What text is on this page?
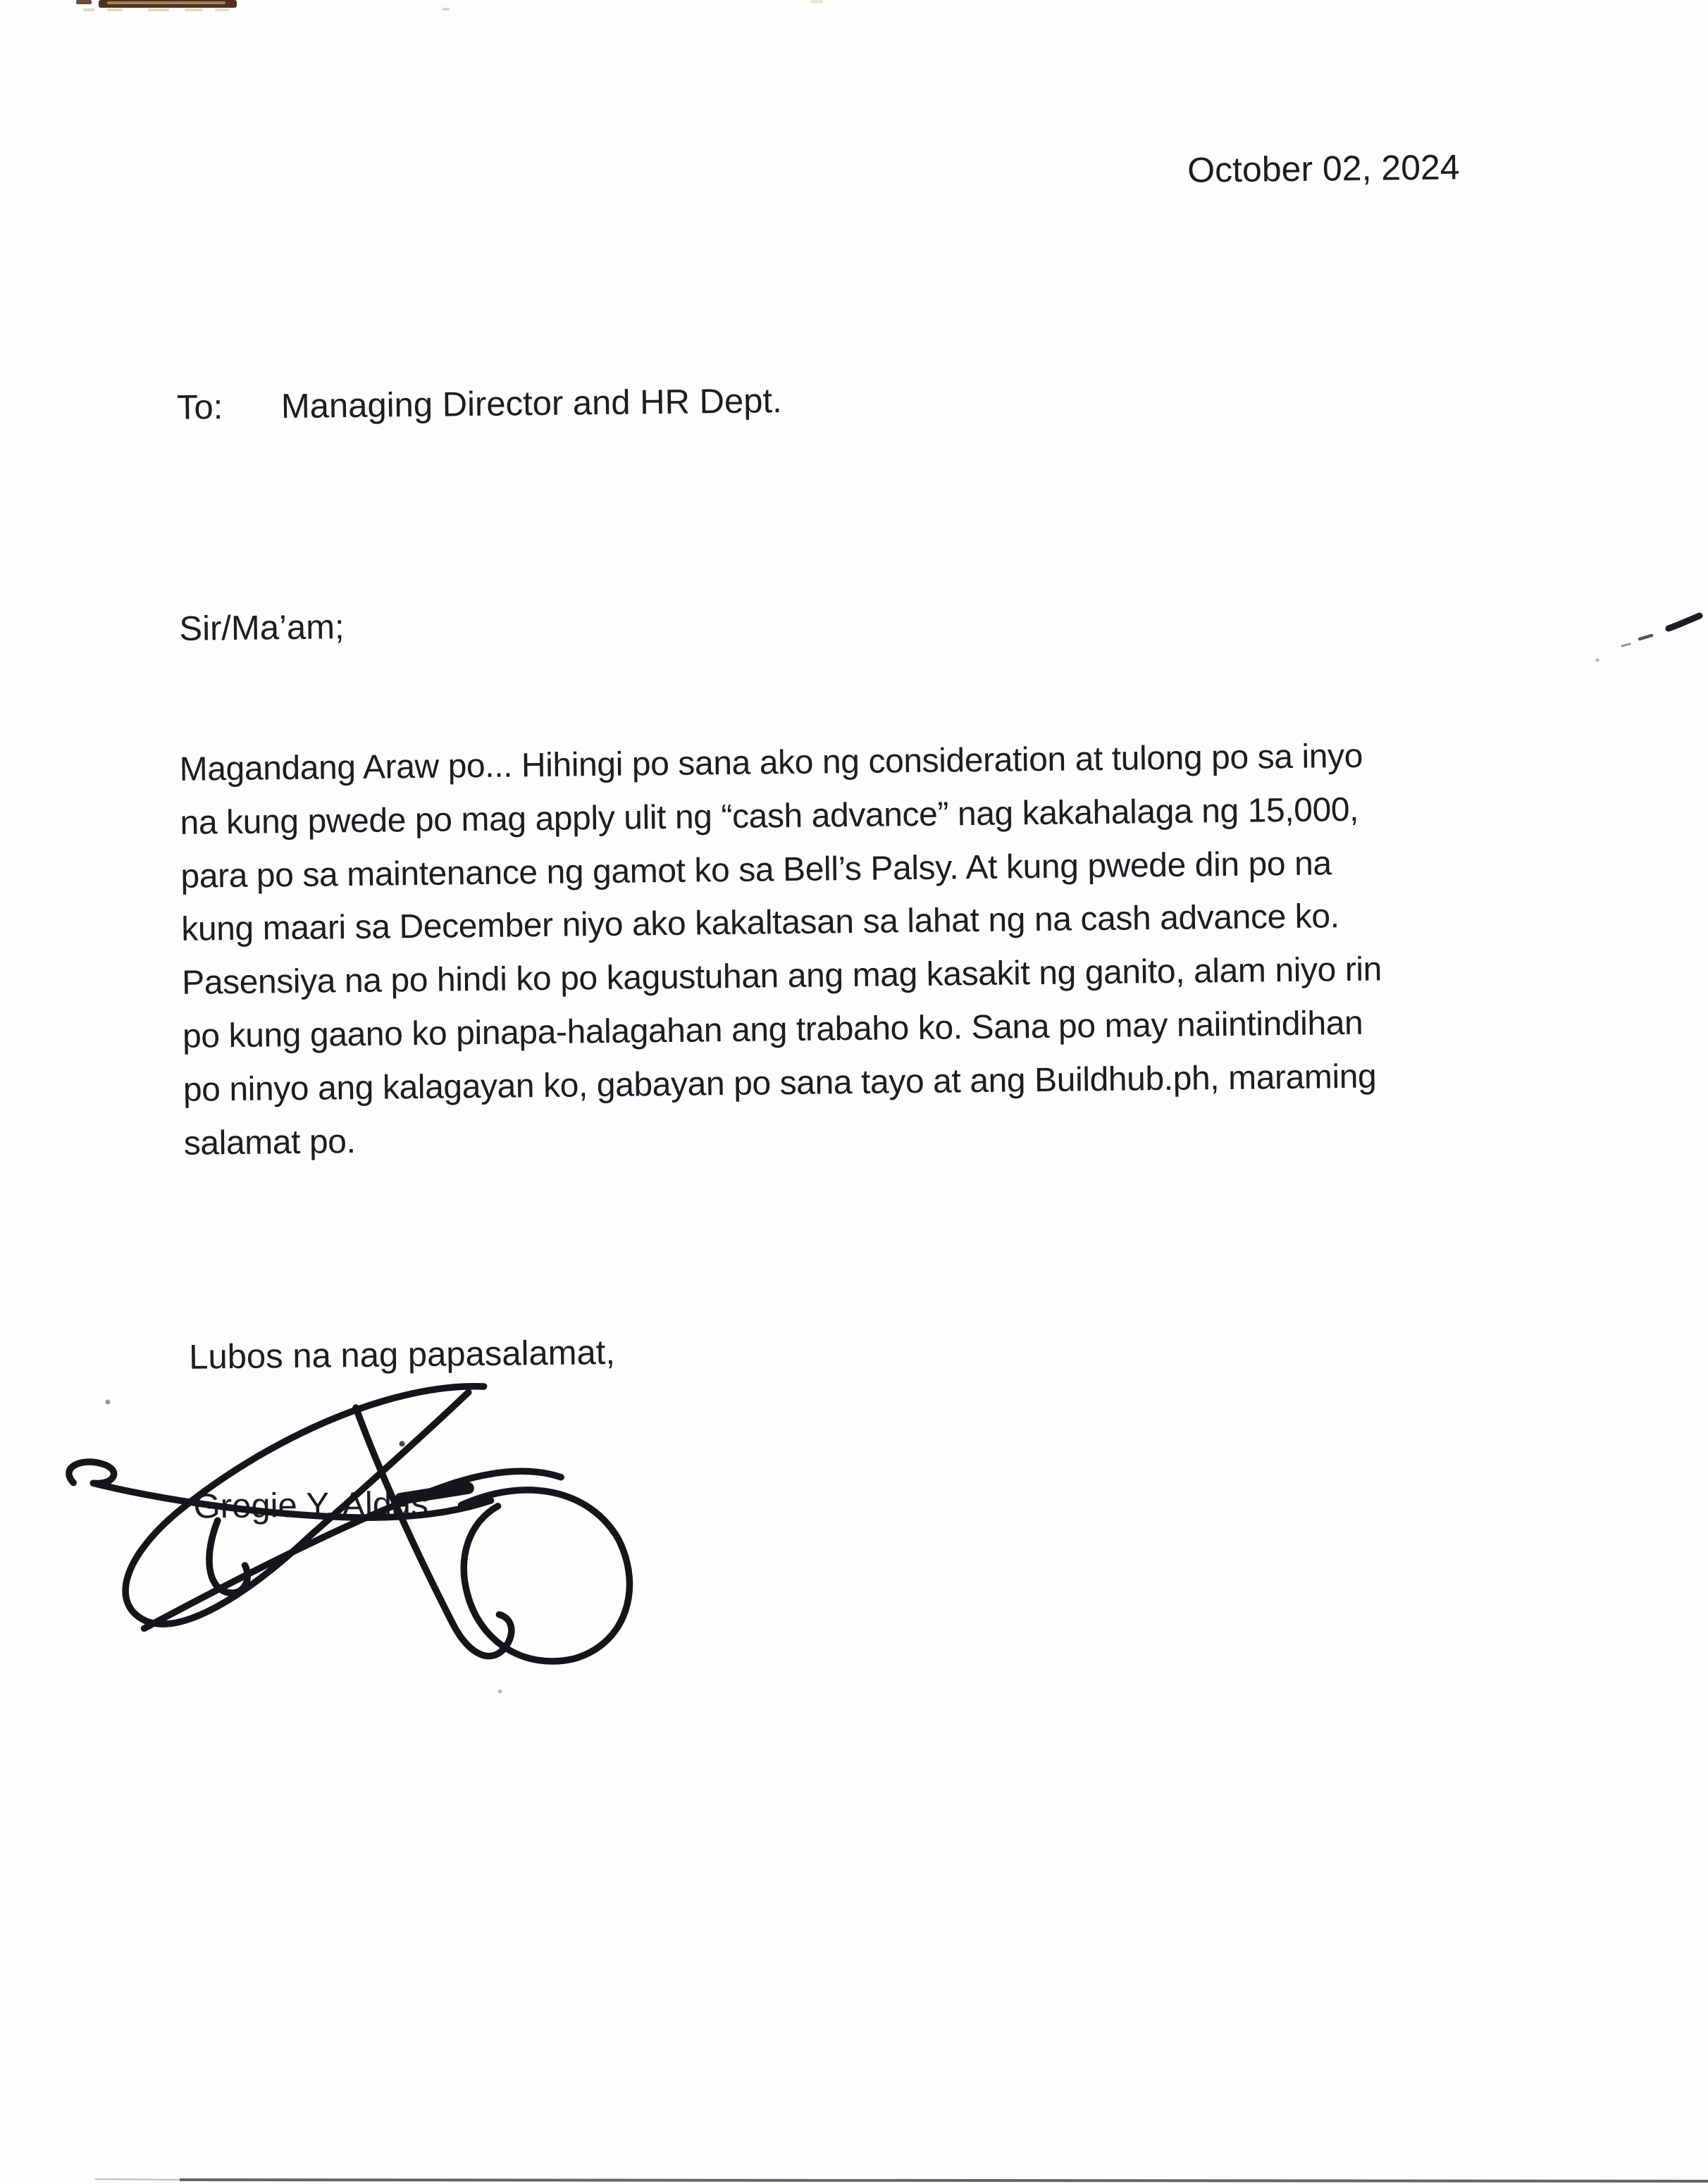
October 02, 2024
To:	Managing Director and HR Dept.
Sir/Ma’am;
Magandang Araw po... Hihingi po sana ako ng consideration at tulong po sa inyo
na kung pwede po mag apply ulit ng “cash advance” nag kakahalaga ng 15,000,
para po sa maintenance ng gamot ko sa Bell’s Palsy. At kung pwede din po na
kung maari sa December niyo ako kakaltasan sa lahat ng na cash advance ko.
Pasensiya na po hindi ko po kagustuhan ang mag kasakit ng ganito, alam niyo rin
po kung gaano ko pinapa-halagahan ang trabaho ko. Sana po may naiintindihan
po ninyo ang kalagayan ko, gabayan po sana tayo at ang Buildhub.ph, maraming
salamat po.
Lubos na nag papasalamat,
Gregie Y. Aldas
